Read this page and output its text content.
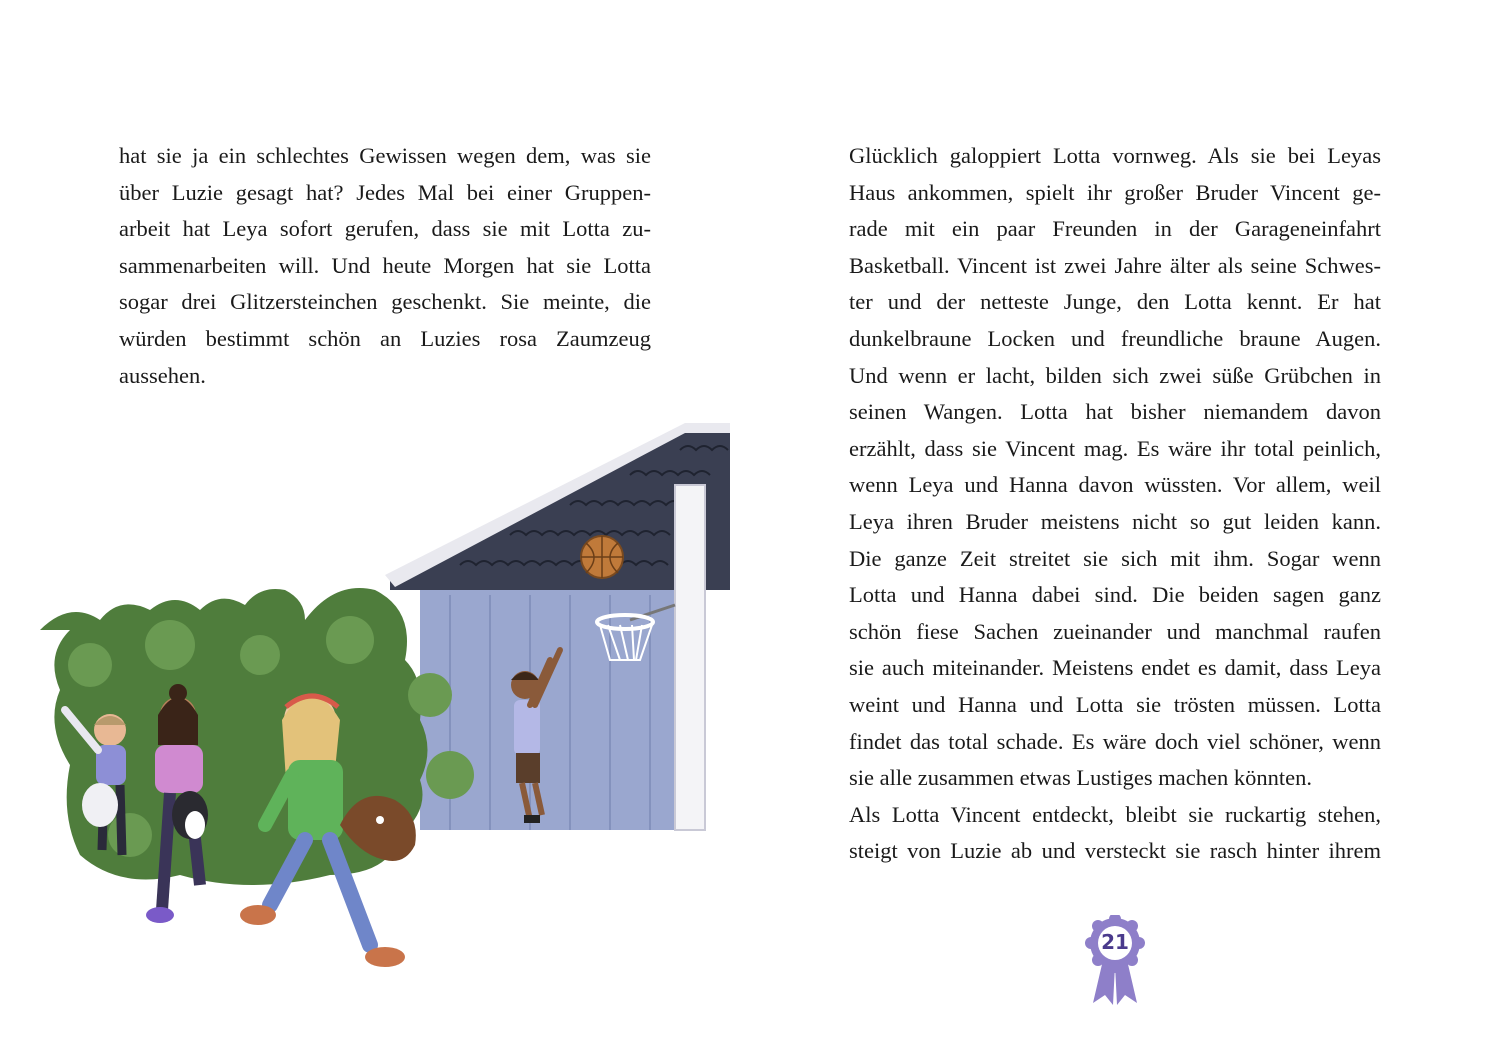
hat sie ja ein schlechtes Gewissen wegen dem, was sie

über Luzie gesagt hat? Jedes Mal bei einer Gruppen-

arbeit hat Leya sofort gerufen, dass sie mit Lotta zu-

sammenarbeiten will. Und heute Morgen hat sie Lotta

sogar drei Glitzersteinchen geschenkt. Sie meinte, die

würden bestimmt schön an Luzies rosa Zaumzeug

aussehen.

Glücklich galoppiert Lotta vornweg. Als sie bei Leyas

Haus ankommen, spielt ihr großer Bruder Vincent ge-

rade mit ein paar Freunden in der Garageneinfahrt

Basketball. Vincent ist zwei Jahre älter als seine Schwes-

ter und der netteste Junge, den Lotta kennt. Er hat

dunkelbraune Locken und freundliche braune Augen.

Und wenn er lacht, bilden sich zwei süße Grübchen in

seinen Wangen. Lotta hat bisher niemandem davon

erzählt, dass sie Vincent mag. Es wäre ihr total peinlich,

wenn Leya und Hanna davon wüssten. Vor allem, weil

Leya ihren Bruder meistens nicht so gut leiden kann.

Die ganze Zeit streitet sie sich mit ihm. Sogar wenn

Lotta und Hanna dabei sind. Die beiden sagen ganz

schön fiese Sachen zueinander und manchmal raufen

sie auch miteinander. Meistens endet es damit, dass Leya

weint und Hanna und Lotta sie trösten müssen. Lotta

findet das total schade. Es wäre doch viel schöner, wenn

sie alle zusammen etwas Lustiges machen könnten.

Als Lotta Vincent entdeckt, bleibt sie ruckartig stehen,

steigt von Luzie ab und versteckt sie rasch hinter ihrem

21
